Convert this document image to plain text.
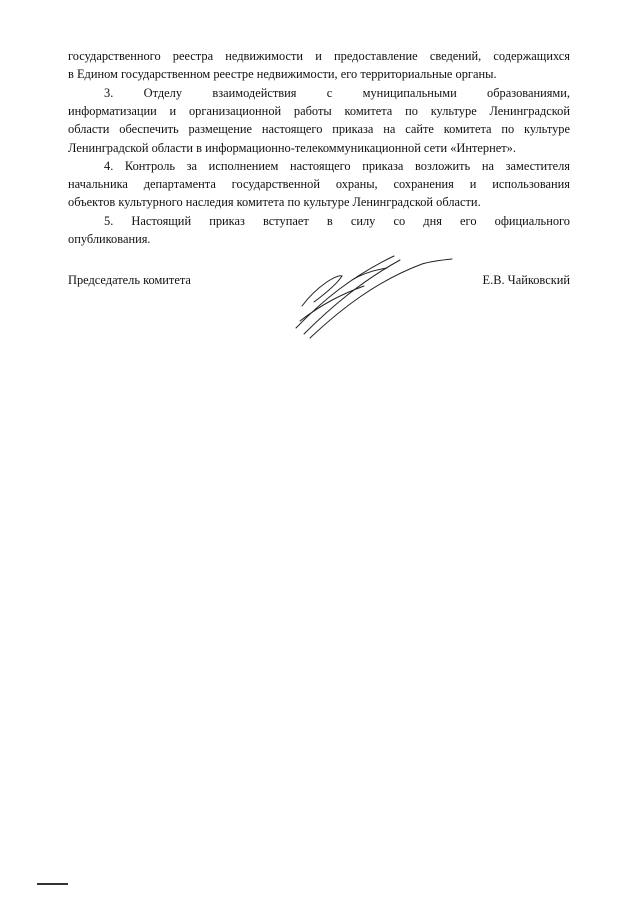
государственного реестра недвижимости и предоставление сведений, содержащихся
в Едином государственном реестре недвижимости, его территориальные органы.
3. Отделу взаимодействия с муниципальными образованиями,
информатизации и организационной работы комитета по культуре Ленинградской
области обеспечить размещение настоящего приказа на сайте комитета по культуре
Ленинградской области в информационно-телекоммуникационной сети «Интернет».
4. Контроль за исполнением настоящего приказа возложить на заместителя
начальника департамента государственной охраны, сохранения и использования
объектов культурного наследия комитета по культуре Ленинградской области.
5. Настоящий приказ вступает в силу со дня его официального
опубликования.
Председатель комитета	Е.В. Чайковский
